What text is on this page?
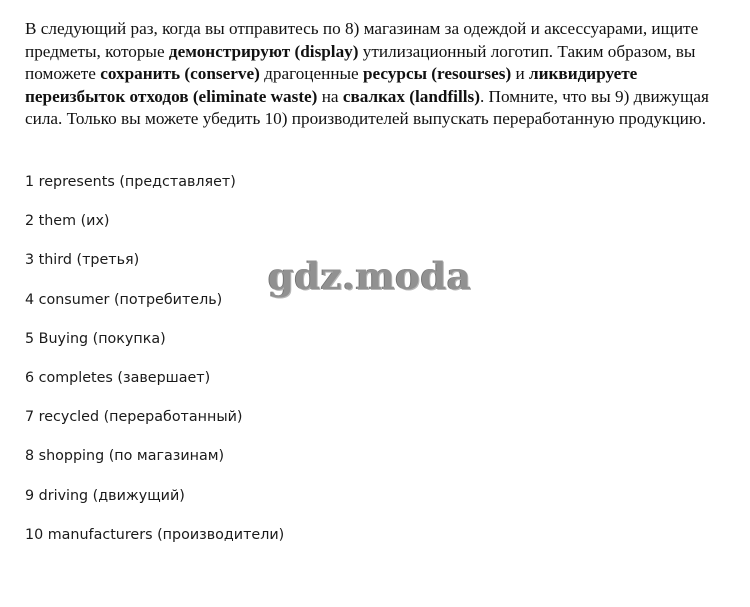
В следующий раз, когда вы отправитесь по 8) магазинам за одеждой и аксессуарами, ищите предметы, которые демонстрируют (display) утилизационный логотип. Таким образом, вы поможете сохранить (conserve) драгоценные ресурсы (resourses) и ликвидируете переизбыток отходов (eliminate waste) на свалках (landfills). Помните, что вы 9) движущая сила. Только вы можете убедить 10) производителей выпускать переработанную продукцию.
1 represents (представляет)
2 them (их)
3 third (третья)
4 consumer (потребитель)
5 Buying (покупка)
6 completes (завершает)
7 recycled (переработанный)
8 shopping (по магазинам)
9 driving (движущий)
10 manufacturers (производители)
gdz.moda
